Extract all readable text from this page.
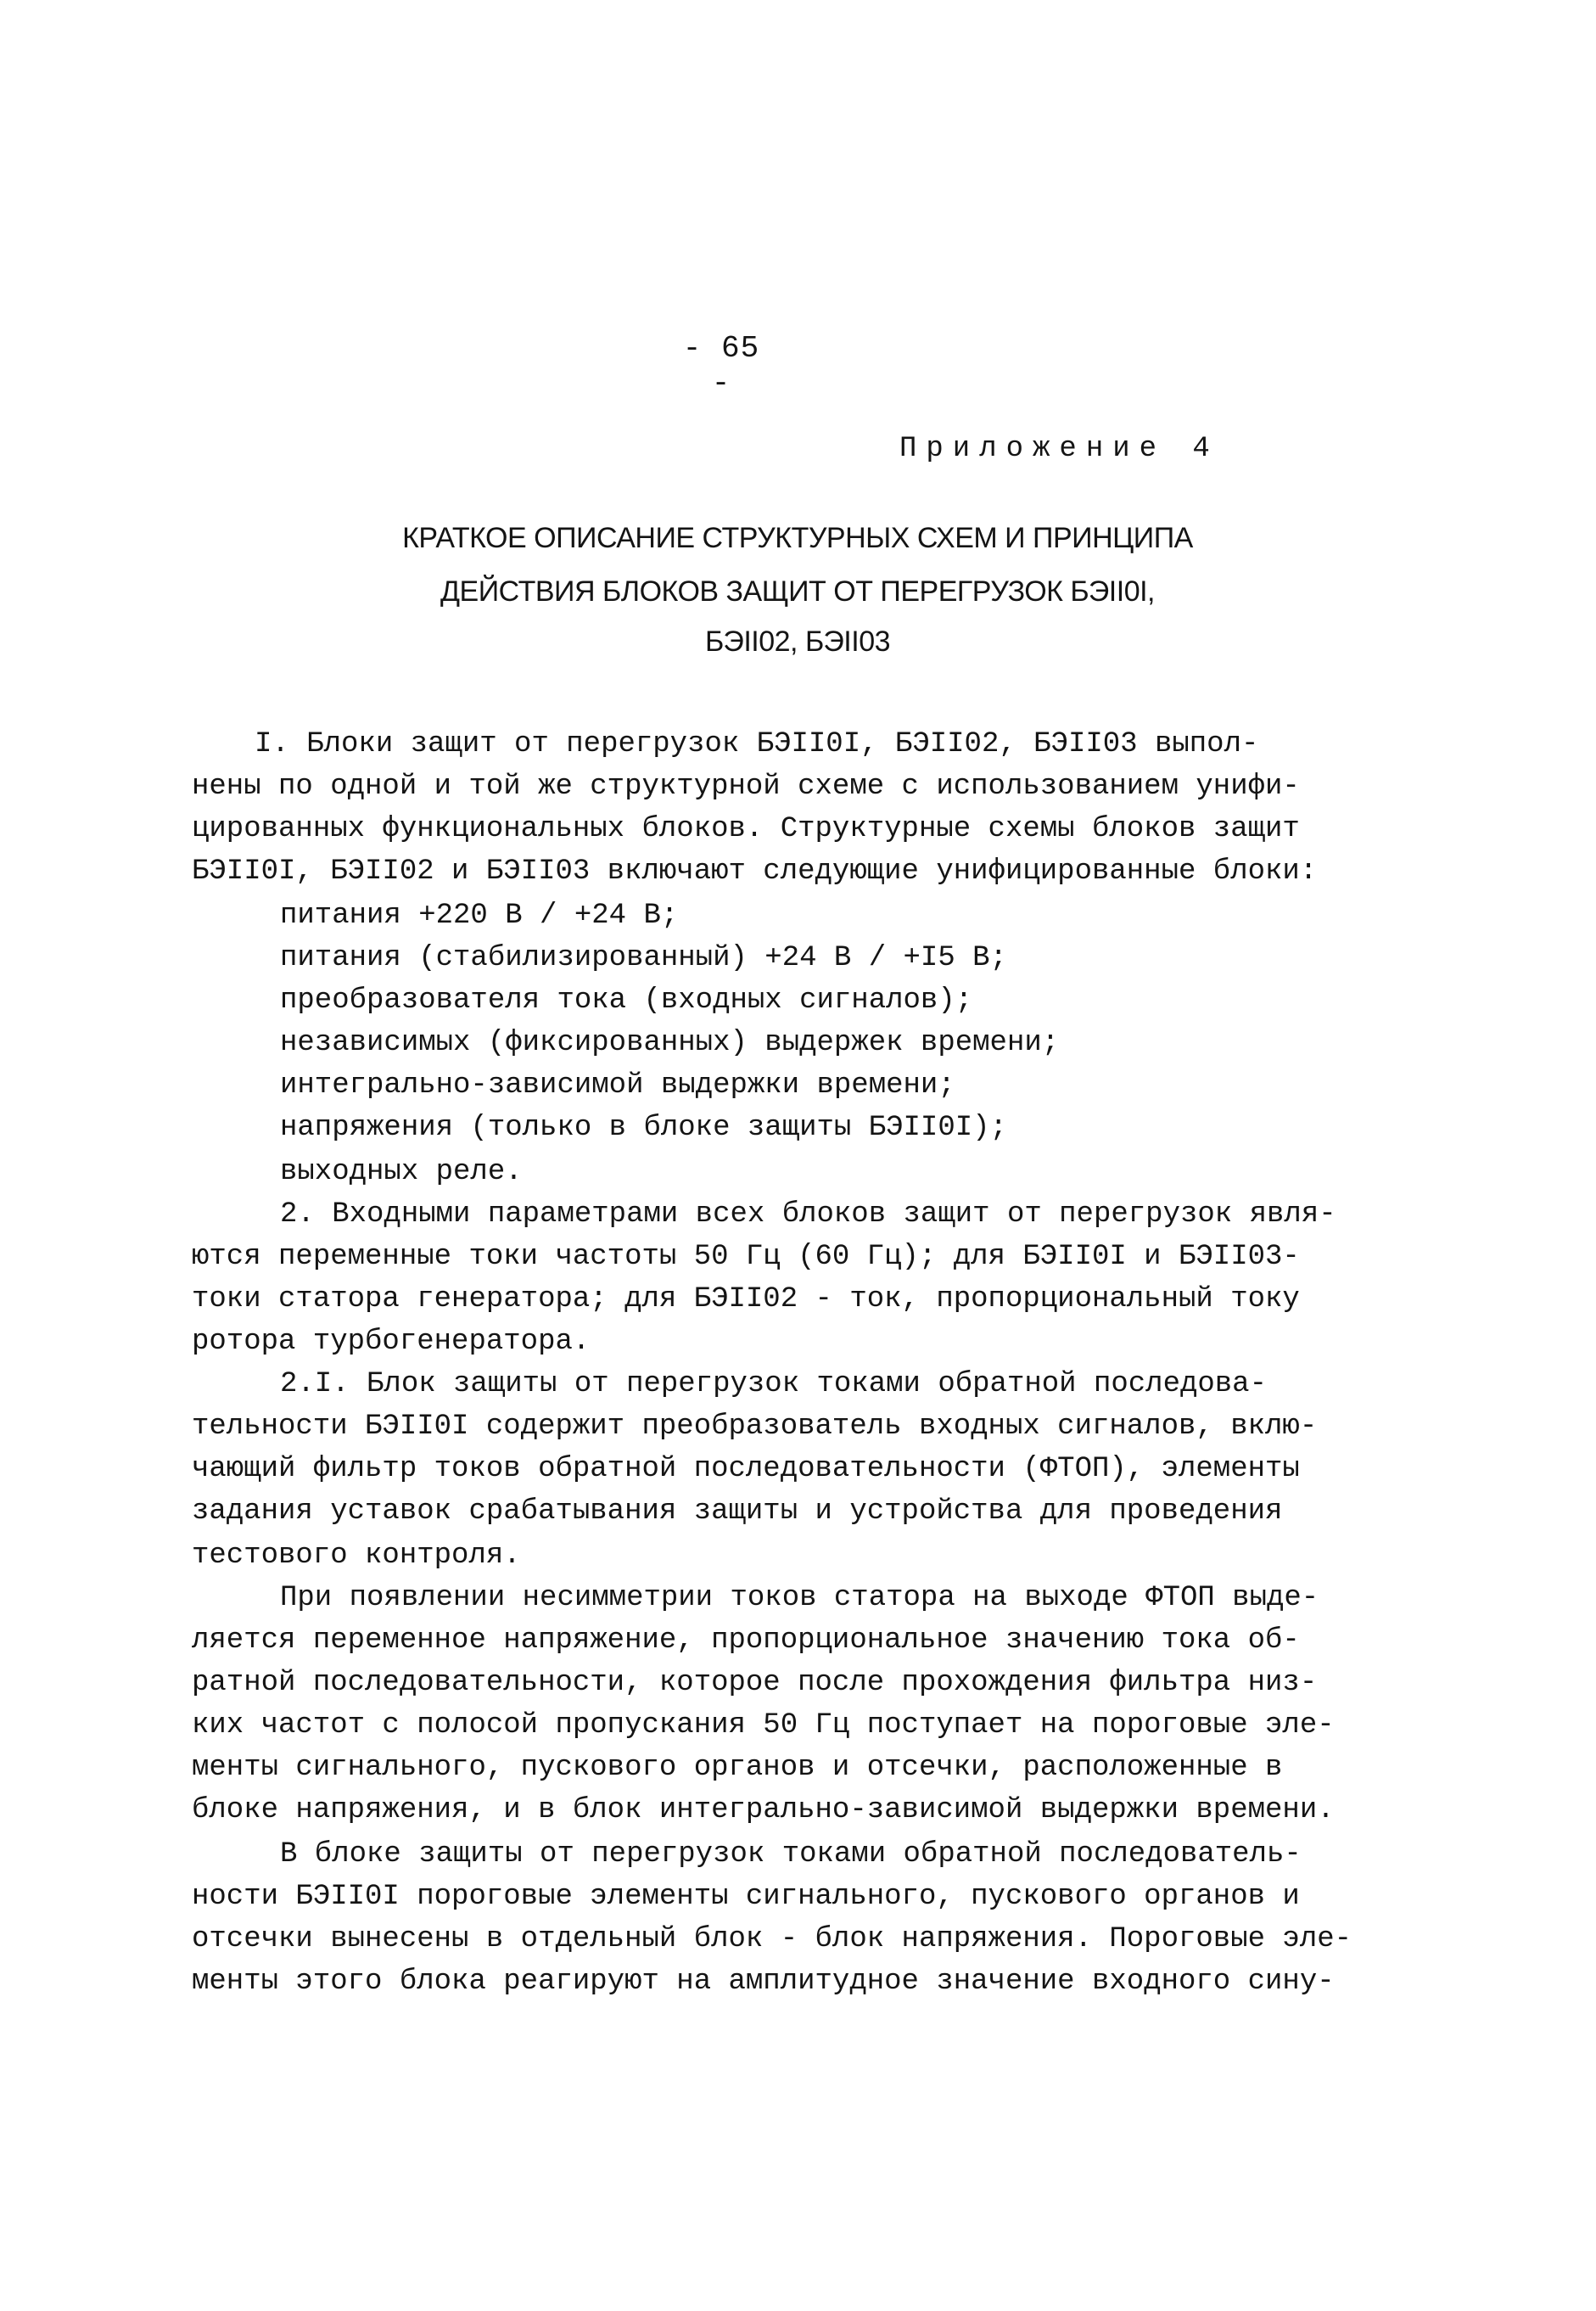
- 65 -
Приложение 4
КРАТКОЕ ОПИСАНИЕ СТРУКТУРНЫХ СХЕМ И ПРИНЦИПА
ДЕЙСТВИЯ БЛОКОВ ЗАЩИТ ОТ ПЕРЕГРУЗОК БЭII0I,
БЭII02, БЭII03
I. Блоки защит от перегрузок БЭII0I, БЭII02, БЭII03 выпол-
нены по одной и той же структурной схеме с использованием унифи-
цированных функциональных блоков. Структурные схемы блоков защит
БЭII0I, БЭII02 и БЭII03 включают следующие унифицированные блоки:
питания +220 В / +24 В;
питания (стабилизированный) +24 В / +I5 В;
преобразователя тока (входных сигналов);
независимых (фиксированных) выдержек времени;
интегрально-зависимой выдержки времени;
напряжения (только в блоке защиты БЭII0I);
выходных реле.
2. Входными параметрами всех блоков защит от перегрузок явля-
ются переменные токи частоты 50 Гц (60 Гц); для БЭII0I и БЭII03-
токи статора генератора; для БЭII02 - ток, пропорциональный току
ротора турбогенератора.
2.I. Блок защиты от перегрузок токами обратной последова-
тельности БЭII0I содержит преобразователь входных сигналов, вклю-
чающий фильтр токов обратной последовательности (ФТОП), элементы
задания уставок срабатывания защиты и устройства для проведения
тестового контроля.
При появлении несимметрии токов статора на выходе ФТОП выде-
ляется переменное напряжение, пропорциональное значению тока об-
ратной последовательности, которое после прохождения фильтра низ-
ких частот с полосой пропускания 50 Гц поступает на пороговые эле-
менты сигнального, пускового органов и отсечки, расположенные в
блоке напряжения, и в блок интегрально-зависимой выдержки времени.
В блоке защиты от перегрузок токами обратной последователь-
ности БЭII0I пороговые элементы сигнального, пускового органов и
отсечки вынесены в отдельный блок - блок напряжения. Пороговые эле-
менты этого блока реагируют на амплитудное значение входного сину-
